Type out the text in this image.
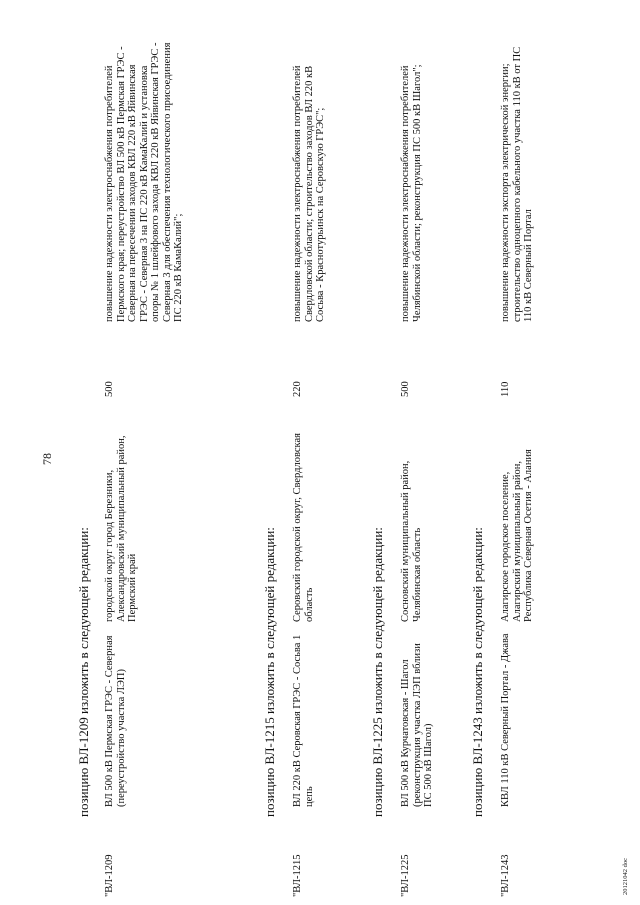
78
позицию ВЛ-1209 изложить в следующей редакции:
"ВЛ-1209
ВЛ 500 кВ Пермская ГРЭС - Северная (переустройство участка ЛЭП)
городской округ город Березники, Александровский муниципальный район, Пермский край
500
повышение надежности электроснабжения потребителей Пермского края; переустройство ВЛ 500 кВ Пермская ГРЭС - Северная на пересечении заходов КВЛ 220 кВ Яйвинская ГРЭС - Северная 3 на ПС 220 кВ КамаКалий и установка опоры № 1 шлейфового захода КВЛ 220 кВ Яйвинская ГРЭС - Северная 3 для обеспечения технологического присоединения ПС 220 кВ КамаКалий";
позицию ВЛ-1215 изложить в следующей редакции:
"ВЛ-1215
ВЛ 220 кВ Серовская ГРЭС - Сосьва 1 цепь
Серовский городской округ, Свердловская область
220
повышение надежности электроснабжения потребителей Свердловской области; строительство заходов ВЛ 220 кВ Сосьва - Краснотурьинск на Серовскую ГРЭС";
позицию ВЛ-1225 изложить в следующей редакции:
"ВЛ-1225
ВЛ 500 кВ Курчатовская - Шагол (реконструкция участка ЛЭП вблизи ПС 500 кВ Шагол)
Сосновский муниципальный район, Челябинская область
500
повышение надежности электроснабжения потребителей Челябинской области; реконструкция ПС 500 кВ Шагол";
позицию ВЛ-1243 изложить в следующей редакции:
"ВЛ-1243
КВЛ 110 кВ Северный Портал - Джава
Алагирское городское поселение, Алагирский муниципальный район, Республика Северная Осетия - Алания
110
повышение надежности экспорта электрической энергии; строительство одноцепного кабельного участка 110 кВ от ПС 110 кВ Северный Портал
20121042 doc
